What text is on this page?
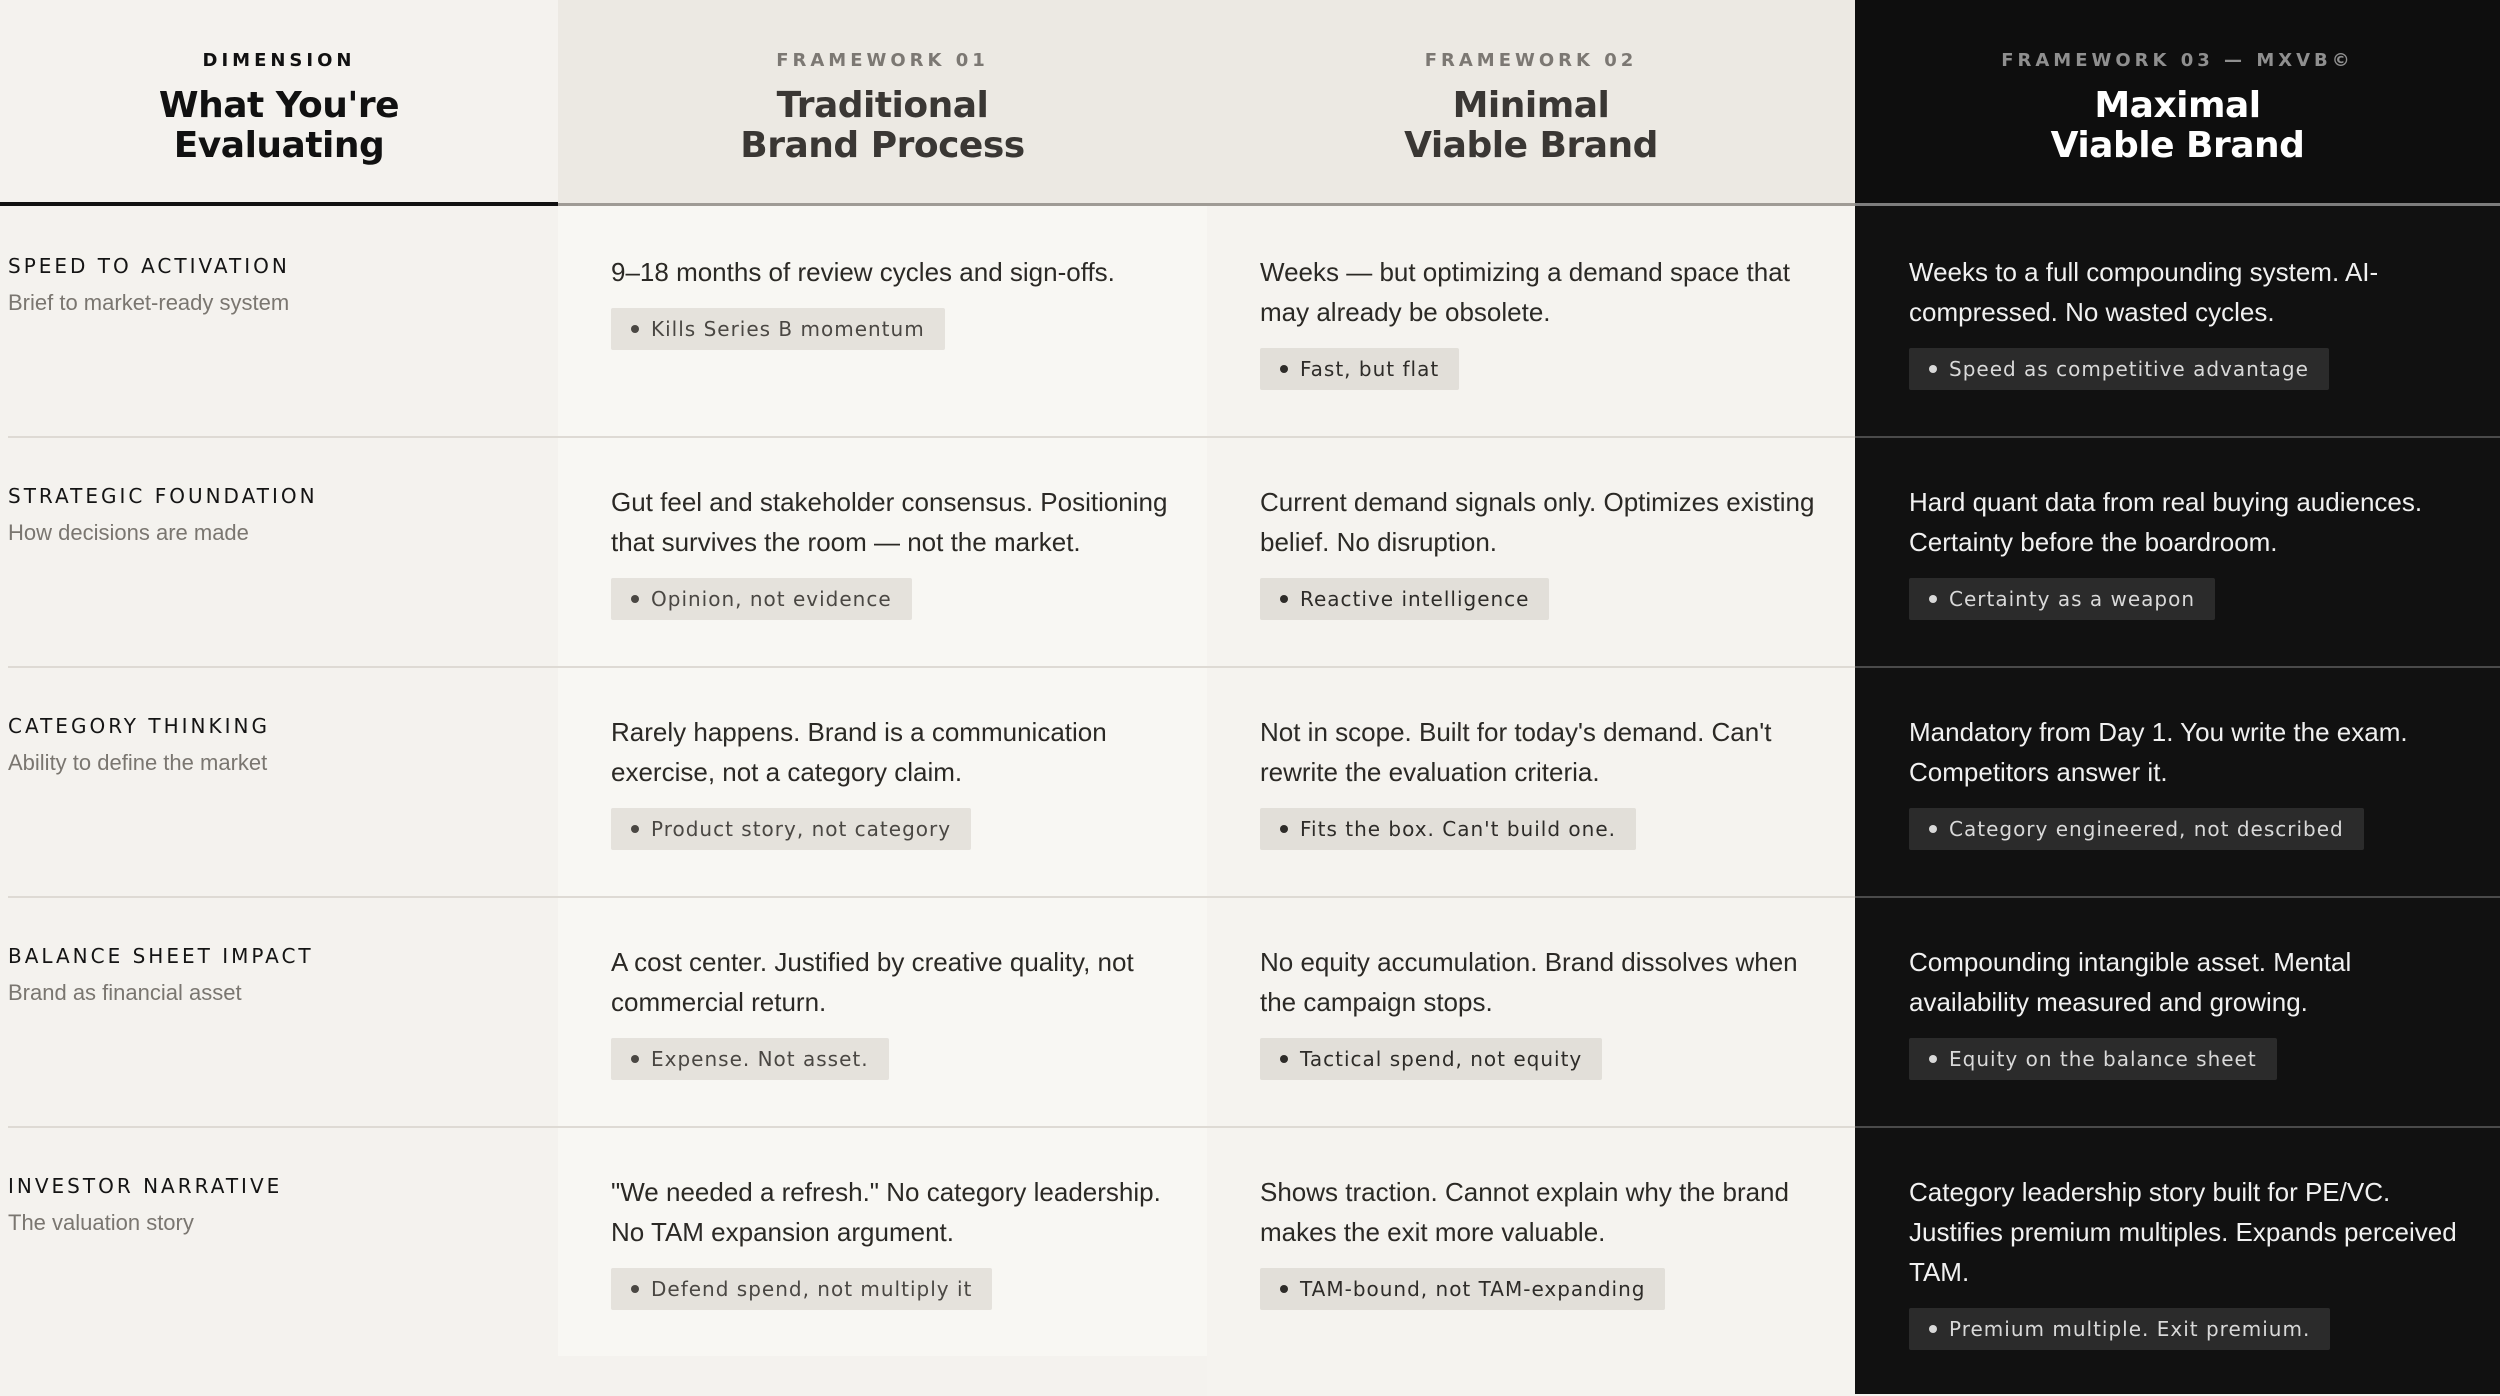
DIMENSION
What You're
Evaluating
FRAMEWORK 01
Traditional
Brand Process
FRAMEWORK 02
Minimal
Viable Brand
FRAMEWORK 03 — MXVB©
Maximal
Viable Brand
SPEED TO ACTIVATION
Brief to market-ready system
9–18 months of review cycles and sign-offs.
Kills Series B momentum
Weeks — but optimizing a demand space that may already be obsolete.
Fast, but flat
Weeks to a full compounding system. AI-compressed. No wasted cycles.
Speed as competitive advantage
STRATEGIC FOUNDATION
How decisions are made
Gut feel and stakeholder consensus. Positioning that survives the room — not the market.
Opinion, not evidence
Current demand signals only. Optimizes existing belief. No disruption.
Reactive intelligence
Hard quant data from real buying audiences. Certainty before the boardroom.
Certainty as a weapon
CATEGORY THINKING
Ability to define the market
Rarely happens. Brand is a communication exercise, not a category claim.
Product story, not category
Not in scope. Built for today's demand. Can't rewrite the evaluation criteria.
Fits the box. Can't build one.
Mandatory from Day 1. You write the exam. Competitors answer it.
Category engineered, not described
BALANCE SHEET IMPACT
Brand as financial asset
A cost center. Justified by creative quality, not commercial return.
Expense. Not asset.
No equity accumulation. Brand dissolves when the campaign stops.
Tactical spend, not equity
Compounding intangible asset. Mental availability measured and growing.
Equity on the balance sheet
INVESTOR NARRATIVE
The valuation story
"We needed a refresh." No category leadership. No TAM expansion argument.
Defend spend, not multiply it
Shows traction. Cannot explain why the brand makes the exit more valuable.
TAM-bound, not TAM-expanding
Category leadership story built for PE/VC. Justifies premium multiples. Expands perceived TAM.
Premium multiple. Exit premium.
